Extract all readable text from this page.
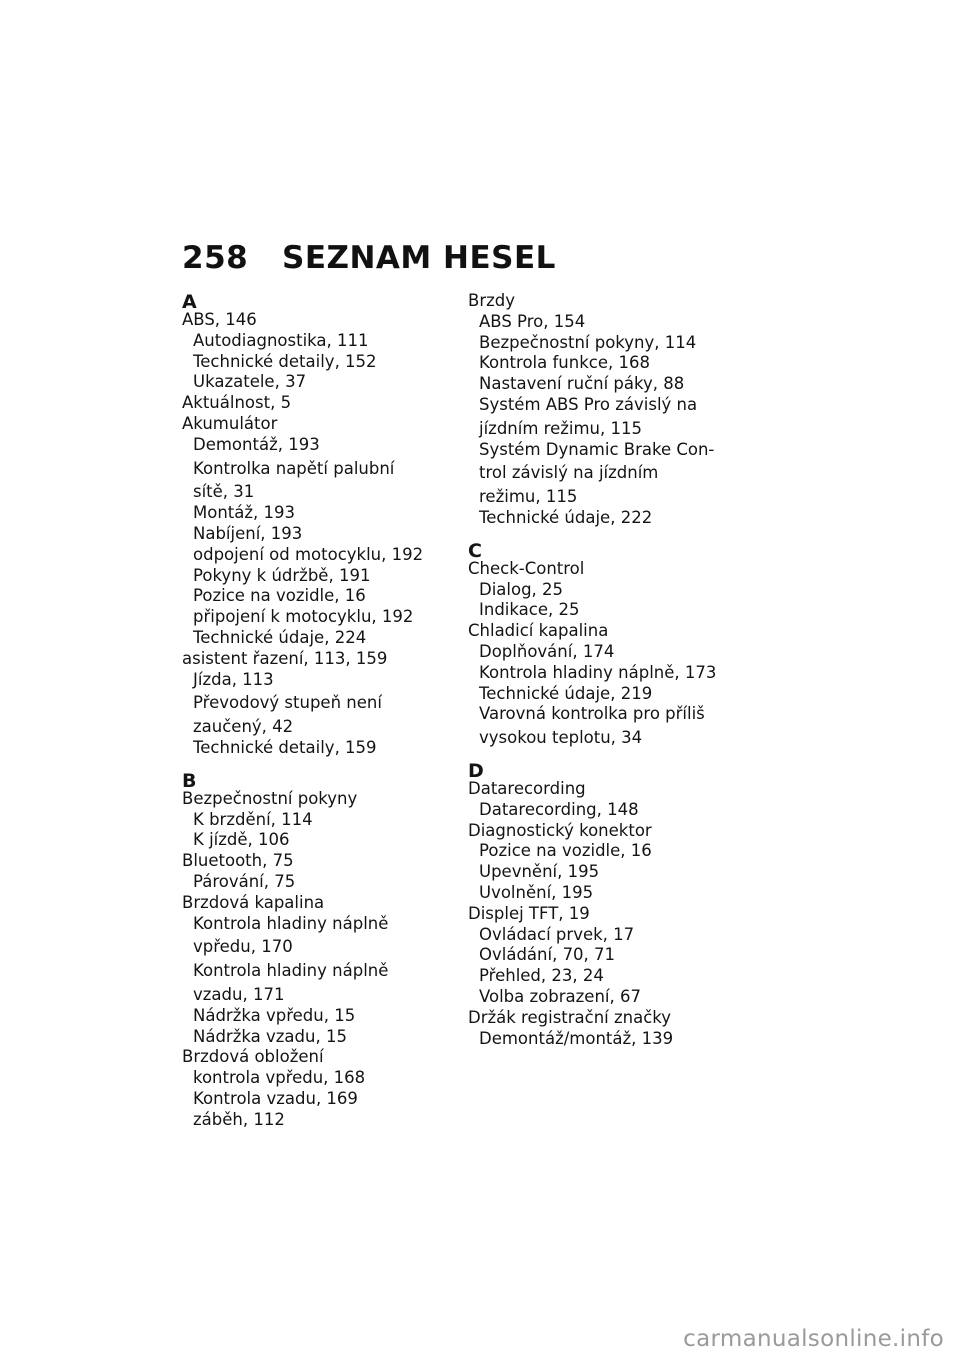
258 SEZNAM HESEL
A
ABS, 146
Autodiagnostika, 111
Technické detaily, 152
Ukazatele, 37
Aktuálnost, 5
Akumulátor
Demontáž, 193
Kontrolka napětí palubní
sítě, 31
Montáž, 193
Nabíjení, 193
odpojení od motocyklu, 192
Pokyny k údržbě, 191
Pozice na vozidle, 16
připojení k motocyklu, 192
Technické údaje, 224
asistent řazení, 113, 159
Jízda, 113
Převodový stupeň není
zaučený, 42
Technické detaily, 159
B
Bezpečnostní pokyny
K brzdění, 114
K jízdě, 106
Bluetooth, 75
Párování, 75
Brzdová kapalina
Kontrola hladiny náplně
vpředu, 170
Kontrola hladiny náplně
vzadu, 171
Nádržka vpředu, 15
Nádržka vzadu, 15
Brzdová obložení
kontrola vpředu, 168
Kontrola vzadu, 169
záběh, 112
Brzdy
ABS Pro, 154
Bezpečnostní pokyny, 114
Kontrola funkce, 168
Nastavení ruční páky, 88
Systém ABS Pro závislý na
jízdním režimu, 115
Systém Dynamic Brake Con-
trol závislý na jízdním
režimu, 115
Technické údaje, 222
C
Check-Control
Dialog, 25
Indikace, 25
Chladicí kapalina
Doplňování, 174
Kontrola hladiny náplně, 173
Technické údaje, 219
Varovná kontrolka pro příliš
vysokou teplotu, 34
D
Datarecording
Datarecording, 148
Diagnostický konektor
Pozice na vozidle, 16
Upevnění, 195
Uvolnění, 195
Displej TFT, 19
Ovládací prvek, 17
Ovládání, 70, 71
Přehled, 23, 24
Volba zobrazení, 67
Držák registrační značky
Demontáž/montáž, 139
carmanualsonline.info
